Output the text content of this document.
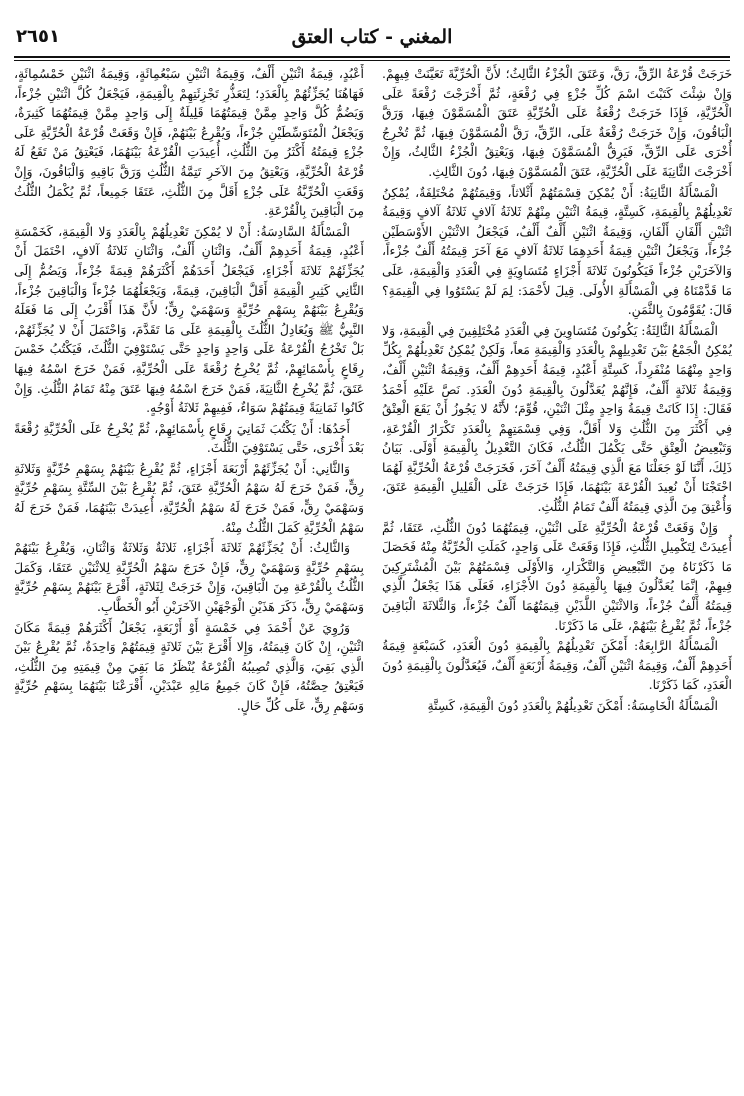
٢٦٥١	المغني - كتاب العتق

خَرَجَتْ قُرْعَةُ الرِّقِّ، رَقَّ، وَعَتَقَ الْجُزْءُ الثَّالِثُ؛ لأَنَّ الْحُرِّيَّةَ تَعَيَّنَتْ فِيهِمْ. وَإِنْ شِئْتَ كَتَبْتَ اسْمَ كُلِّ جُزْءٍ فِي رُقْعَةٍ، ثُمَّ أَخْرَجْتَ رُقْعَةً عَلَى الْحُرِّيَّةِ، فَإِذَا خَرَجَتْ رُقْعَةُ عَلَى الْحُرِّيَّةِ عَتَقَ الْمُسَمَّوْنَ فِيهَا، وَرَقَّ الْبَاقُونَ، وَإِنْ خَرَجَتْ رُقْعَةٌ عَلَى، الرِّقِّ، رَقَّ الْمُسَمَّوْنَ فِيهَا، ثُمَّ تُخْرِجُ أُخْرَى عَلَى الرِّقِّ، فَيَرِقُّ الْمُسَمَّوْنَ فِيهَا، وَيَعْتِقُ الْجُزْءُ الثَّالِثُ، وَإِنْ أَخْرَجْتَ الثَّانِيَةَ عَلَى الْحُرِّيَّةِ، عَتَقَ الْمُسَمَّوْنَ فِيهَا، دُونَ الثَّالِثِ.

الْمَسْأَلَةُ الثَّانِيَةُ: أَنْ يُمْكِنَ قِسْمَتُهُمْ أَثْلاثاً، وَقِيمَتُهُمْ مُخْتَلِفَةٌ، يُمْكِنُ تَعْدِيلُهُمْ بِالْقِيمَةِ، كَسِتَّةٍ، قِيمَةُ اثْنَيْنِ مِنْهُمْ ثَلاثَةُ آلافٍ ثَلاثَةُ آلافٍ وَقِيمَةُ اثْنَيْنِ أَلْفَانِ أَلْفَانِ، وَقِيمَةُ اثْنَيْنِ أَلْفٌ أَلْفٌ، فَيَجْعَلُ الاثْنَيْنِ الأَوْسَطَيْنِ جُزْءاً، وَيَجْعَلُ اثْنَيْنِ قِيمَةُ أَحَدِهِمَا ثَلاثَةُ آلافٍ مَعَ آخَرَ قِيمَتُهُ أَلْفٌ جُزْءاً، وَالآخَرَيْنِ جُزْءاً فَيَكُونُونَ ثَلاثَةَ أَجْزَاءٍ مُتَسَاوِيَةٍ فِي الْعَدَدِ وَالْقِيمَةِ، عَلَى مَا قَدَّمْنَاهُ فِي الْمَسْأَلَةِ الأُولَى. قِيلَ لأَحْمَدَ: لِمَ لَمْ يَسْتَوُوا فِي الْقِيمَةِ؟ قَالَ: يُقَوَّمُونَ بِالثَّمَنِ.

الْمَسْأَلَةُ الثَّالِثَةُ: يَكُونُونَ مُتَسَاوِينَ فِي الْعَدَدِ مُخْتَلِفِينَ فِي الْقِيمَةِ، وَلا يُمْكِنُ الْجَمْعُ بَيْنَ تَعْدِيلِهِمْ بِالْعَدَدِ وَالْقِيمَةِ مَعاً، وَلَكِنْ يُمْكِنُ تَعْدِيلُهُمْ بِكُلِّ وَاحِدٍ مِنْهُمَا مُنْفَرِداً، كَسِتَّةِ أَعْبُدٍ، قِيمَةُ أَحَدِهِمْ أَلْفٌ، وَقِيمَةُ اثْنَيْنِ أَلْفٌ، وَقِيمَةُ ثَلاثَةٍ أَلْفٌ، فَإِنَّهُمْ يُعَدَّلُونَ بِالْقِيمَةِ دُونَ الْعَدَدِ. نَصَّ عَلَيْهِ أَحْمَدُ فَقَالَ: إِذَا كَانَتْ قِيمَةُ وَاحِدٍ مِثْلَ اثْنَيْنِ، قُوِّمَ؛ لأَنَّهُ لا يَجُوزُ أَنْ يَقَعَ الْعِتْقُ فِي أَكْثَرَ مِنَ الثُّلُثِ وَلا أَقَلَّ، وَفِي قِسْمَتِهِمْ بِالْعَدَدِ تَكْرَارُ الْقُرْعَةِ، وَتَبْعِيضُ الْعِتْقِ حَتَّى يَكْمُلَ الثُّلُثُ، فَكَانَ التَّعْدِيلُ بِالْقِيمَةِ أَوْلَى. بَيَانُ ذَلِكَ، أَنَّنَا لَوْ جَعَلْنَا مَعَ الَّذِي قِيمَتُهُ أَلْفٌ آخَرَ، فَخَرَجَتْ قُرْعَةُ الْحُرِّيَّةِ لَهُمَا احْتَجْنَا أَنْ نُعِيدَ الْقُرْعَةَ بَيْنَهُمَا، فَإِذَا خَرَجَتْ عَلَى الْقَلِيلِ الْقِيمَةِ عَتَقَ، وَأُعْتِقَ مِنَ الَّذِي قِيمَتُهُ أَلْفٌ تَمَامُ الثُّلُثِ.

وَإِنْ وَقَعَتْ قُرْعَةُ الْحُرِّيَّةِ عَلَى اثْنَيْنِ، قِيمَتُهُمَا دُونَ الثُّلُثِ، عَتَقَا، ثُمَّ أُعِيدَتْ لِتَكْمِيلِ الثُّلُثِ، فَإِذَا وَقَعَتْ عَلَى وَاحِدٍ، كَمَلَتِ الْحُرِّيَّةُ مِنْهُ فَحَصَلَ مَا ذَكَرْنَاهُ مِنَ التَّبْعِيضِ وَالتَّكْرَارِ، وَالأَوْلَى قِسْمَتُهُمْ بَيْنَ الْمُشْتَرِكِينَ فِيهِمْ، إِنَّمَا يُعَدَّلُونَ فِيهَا بِالْقِيمَةِ دُونَ الأَجْزَاءِ، فَعَلَى هَذَا يَجْعَلُ الَّذِي قِيمَتُهُ أَلْفٌ جُزْءاً، وَالاثْنَيْنِ اللَّذَيْنِ قِيمَتُهُمَا أَلْفٌ جُزْءاً، وَالثَّلاثَةَ الْبَاقِينَ جُزْءاً، ثُمَّ يُقْرِعُ بَيْنَهُمْ، عَلَى مَا ذَكَرْنَا.

الْمَسْأَلَةُ الرَّابِعَةُ: أَمْكَنَ تَعْدِيلُهُمْ بِالْقِيمَةِ دُونَ الْعَدَدِ، كَسَبْعَةٍ قِيمَةُ أَحَدِهِمْ أَلْفٌ، وَقِيمَةُ اثْنَيْنِ أَلْفٌ، وَقِيمَةُ أَرْبَعَةٍ أَلْفٌ، فَيُعَدَّلُونَ بِالْقِيمَةِ دُونَ الْعَدَدِ، كَمَا ذَكَرْنَا.

الْمَسْأَلَةُ الْخَامِسَةُ: أَمْكَنَ تَعْدِيلُهُمْ بِالْعَدَدِ دُونَ الْقِيمَةِ، كَسِتَّةِ

أَعْبُدٍ، قِيمَةُ اثْنَيْنِ أَلْفٌ، وَقِيمَةُ اثْنَيْنِ سَبْعُمِائَةٍ، وَقِيمَةُ اثْنَيْنِ خَمْسُمِائَةٍ، فَهَاهُنَا يُجَزِّئُهُمْ بِالْعَدَدِ؛ لِتَعَذُّرِ تَجْزِئَتِهِمْ بِالْقِيمَةِ، فَيَجْعَلُ كُلَّ اثْنَيْنِ جُزْءاً، وَيَضُمُّ كُلَّ وَاحِدٍ مِمَّنْ قِيمَتُهُمَا قَلِيلَةٌ إِلَى وَاحِدٍ مِمَّنْ قِيمَتُهُمَا كَثِيرَةٌ، وَيَجْعَلُ الْمُتَوَسِّطَيْنِ جُزْءاً، وَيُقْرِعُ بَيْنَهُمْ، فَإِنْ وَقَعَتْ قُرْعَةُ الْحُرِّيَّةِ عَلَى جُزْءٍ قِيمَتُهُ أَكْثَرُ مِنَ الثُّلُثِ، أُعِيدَتِ الْقُرْعَةُ بَيْنَهُمَا، فَيَعْتِقُ مَنْ تَقَعُ لَهُ قُرْعَةُ الْحُرِّيَّةِ، وَيَعْتِقُ مِنَ الآخَرِ تَتِمَّةُ الثُّلُثِ وَرَقَّ بَاقِيهِ وَالْبَاقُونَ، وَإِنْ وَقَعَتِ الْحُرِّيَّةُ عَلَى جُزْءٍ أَقَلَّ مِنَ الثُّلُثِ، عَتَقَا جَمِيعاً، ثُمَّ يُكْمَلُ الثُّلُثُ مِنَ الْبَاقِينَ بِالْقُرْعَةِ.

الْمَسْأَلَةُ السَّادِسَةُ: أَنْ لا يُمْكِنَ تَعْدِيلُهُمْ بِالْعَدَدِ وَلا الْقِيمَةِ، كَخَمْسَةِ أَعْبُدٍ، قِيمَةُ أَحَدِهِمْ أَلْفٌ، وَاثْنَانِ أَلْفٌ، وَاثْنَانِ ثَلاثَةُ آلافٍ، احْتَمَلَ أَنْ يُجَزِّئَهُمْ ثَلاثَةَ أَجْزَاءٍ، فَيَجْعَلُ أَحَدَهُمْ أَكْثَرَهُمْ قِيمَةً جُزْءاً، وَيَضُمُّ إِلَى الثَّانِي كَثِيرِ الْقِيمَةِ أَقَلَّ الْبَاقِينَ، قِيمَةً، وَيَجْعَلُهُمَا جُزْءاً وَالْبَاقِينَ جُزْءاً، وَيُقْرِعُ بَيْنَهُمْ بِسَهْمِ حُرِّيَّةٍ وَسَهْمَيْ رِقٍّ؛ لأَنَّ هَذَا أَقْرَبُ إِلَى مَا فَعَلَهُ النَّبِيُّ ﷺ وَيُعَادِلُ الثُّلُثَ بِالْقِيمَةِ عَلَى مَا تَقَدَّمَ، وَاحْتَمَلَ أَنْ لا يُجَزِّئَهُمْ، بَلْ تَخْرُجُ الْقُرْعَةُ عَلَى وَاحِدٍ وَاحِدٍ حَتَّى يَسْتَوْفِيَ الثُّلُثَ، فَيَكْتُبُ خَمْسَ رِقَاعٍ بِأَسْمَائِهِمْ، ثُمَّ يُخْرِجُ رُقْعَةً عَلَى الْحُرِّيَّةِ، فَمَنْ خَرَجَ اسْمُهُ فِيهَا عَتَقَ، ثُمَّ يُخْرِجُ الثَّانِيَةَ، فَمَنْ خَرَجَ اسْمُهُ فِيهَا عَتَقَ مِنْهُ تَمَامُ الثُّلُثِ. وَإِنْ كَانُوا ثَمَانِيَةً قِيمَتُهُمْ سَوَاءٌ، فَفِيهِمْ ثَلاثَةُ أَوْجُهٍ.

أَحَدُهَا: أَنْ يَكْتُبَ ثَمَانِيَ رِقَاعٍ بِأَسْمَائِهِمْ، ثُمَّ يُخْرِجُ عَلَى الْحُرِّيَّةِ رُقْعَةً بَعْدَ أُخْرَى، حَتَّى يَسْتَوْفِيَ الثُّلُثَ.

وَالثَّانِي: أَنْ يُجَزِّئَهُمْ أَرْبَعَةَ أَجْزَاءٍ، ثُمَّ يُقْرِعُ بَيْنَهُمْ بِسَهْمِ حُرِّيَّةٍ وَثَلاثَةِ رِقٍّ، فَمَنْ خَرَجَ لَهُ سَهْمُ الْحُرِّيَّةِ عَتَقَ، ثُمَّ يُقْرِعُ بَيْنَ السِّتَّةِ بِسَهْمِ حُرِّيَّةٍ وَسَهْمَيْ رِقٍّ، فَمَنْ خَرَجَ لَهُ سَهْمُ الْحُرِّيَّةِ، أُعِيدَتْ بَيْنَهُمَا، فَمَنْ خَرَجَ لَهُ سَهْمُ الْحُرِّيَّةِ كَمَلَ الثُّلُثُ مِنْهُ.

وَالثَّالِثُ: أَنْ يُجَزِّئَهُمْ ثَلاثَةَ أَجْزَاءٍ، ثَلاثَةٌ وَثَلاثَةٌ وَاثْنَانِ، وَيُقْرِعُ بَيْنَهُمْ بِسَهْمِ حُرِّيَّةٍ وَسَهْمَيْ رِقٍّ، فَإِنْ خَرَجَ سَهْمُ الْحُرِّيَّةِ لِلاثْنَيْنِ عَتَقَا، وَكَمَلَ الثُّلُثُ بِالْقُرْعَةِ مِنَ الْبَاقِينَ، وَإِنْ خَرَجَتْ لِثَلاثَةٍ، أَقْرَعَ بَيْنَهُمْ بِسَهْمِ حُرِّيَّةٍ وَسَهْمَيْ رِقٍّ، ذَكَرَ هَذَيْنِ الْوَجْهَيْنِ الآخَرَيْنِ أَبُو الْخَطَّابِ.

وَرُوِيَ عَنْ أَحْمَدَ فِي خَمْسَةٍ أَوْ أَرْبَعَةٍ، يَجْعَلُ أَكْثَرَهُمْ قِيمَةً مَكَانَ اثْنَيْنِ، إِنْ كَانَ قِيمَتُهُ، وَإِلا أَقْرَعَ بَيْنَ ثَلاثَةٍ قِيمَتُهُمْ وَاحِدَةٌ، ثُمَّ يُقْرِعُ بَيْنَ الَّذِي بَقِيَ، وَالَّذِي تُصِيبُهُ الْقُرْعَةُ يُنْظَرُ مَا بَقِيَ مِنْ قِيمَتِهِ مِنَ الثُّلُثِ، فَيَعْتِقُ حِصَّتُهُ، فَإِنْ كَانَ جَمِيعُ مَالِهِ عَبْدَيْنِ، أَقْرَعْنَا بَيْنَهُمَا بِسَهْمِ حُرِّيَّةٍ وَسَهْمِ رِقٍّ، عَلَى كُلِّ حَالٍ.
